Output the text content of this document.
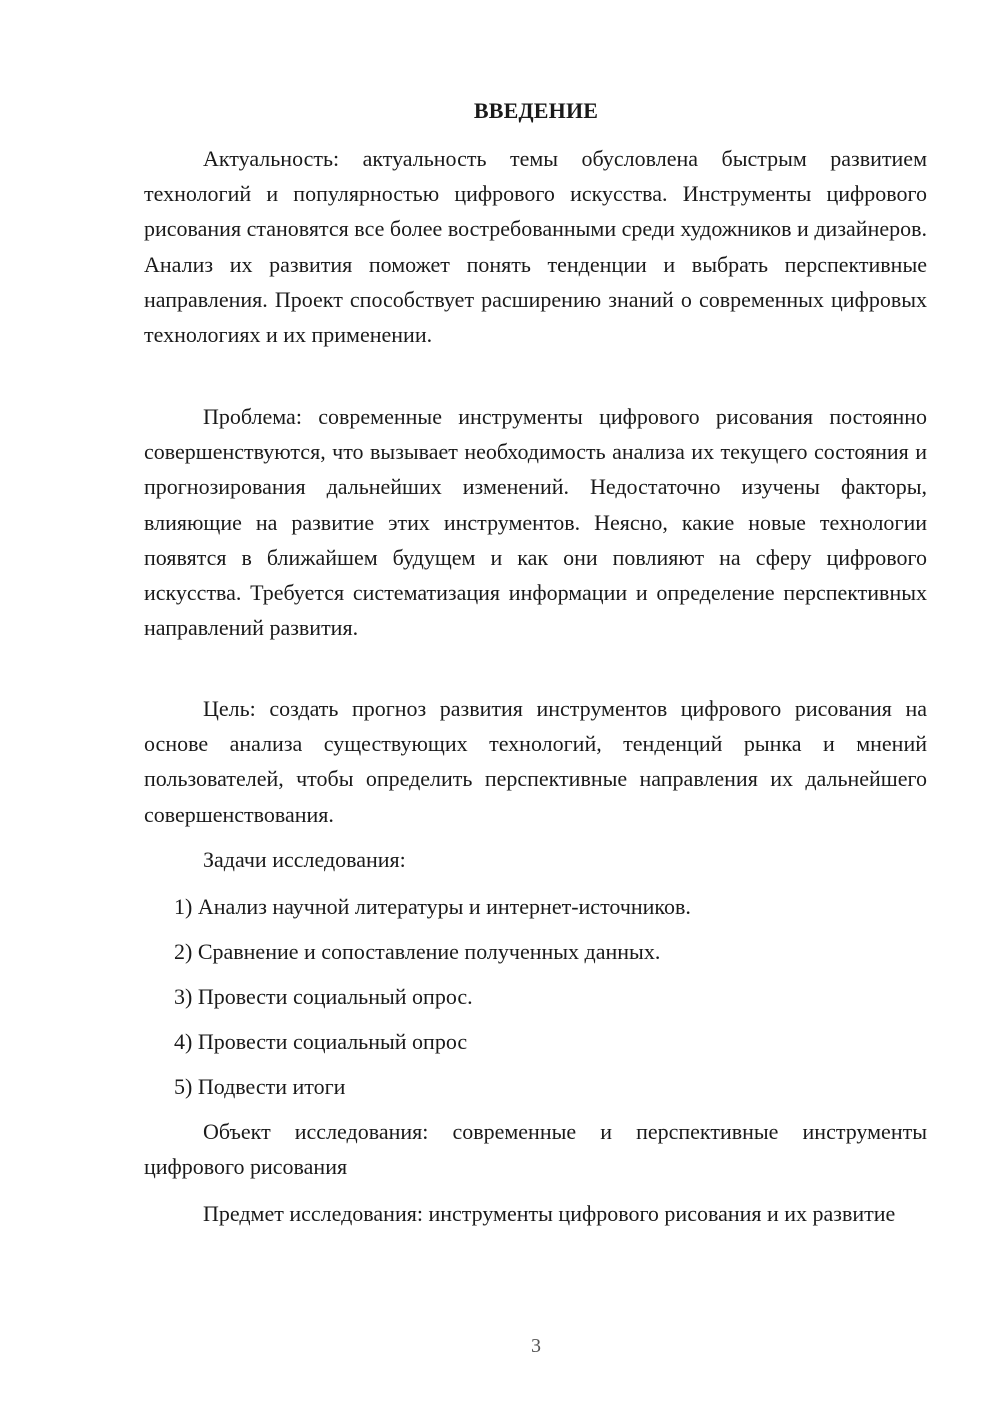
ВВЕДЕНИЕ
Актуальность: актуальность темы обусловлена быстрым развитием технологий и популярностью цифрового искусства. Инструменты цифрового рисования становятся все более востребованными среди художников и дизайнеров. Анализ их развития поможет понять тенденции и выбрать перспективные направления. Проект способствует расширению знаний о современных цифровых технологиях и их применении.
Проблема: современные инструменты цифрового рисования постоянно совершенствуются, что вызывает необходимость анализа их текущего состояния и прогнозирования дальнейших изменений. Недостаточно изучены факторы, влияющие на развитие этих инструментов. Неясно, какие новые технологии появятся в ближайшем будущем и как они повлияют на сферу цифрового искусства. Требуется систематизация информации и определение перспективных направлений развития.
Цель: создать прогноз развития инструментов цифрового рисования на основе анализа существующих технологий, тенденций рынка и мнений пользователей, чтобы определить перспективные направления их дальнейшего совершенствования.
Задачи исследования:
1) Анализ научной литературы и интернет-источников.
2) Сравнение и сопоставление полученных данных.
3) Провести социальный опрос.
4) Провести социальный опрос
5) Подвести итоги
Объект исследования: современные и перспективные инструменты цифрового рисования
Предмет исследования: инструменты цифрового рисования и их развитие
3
